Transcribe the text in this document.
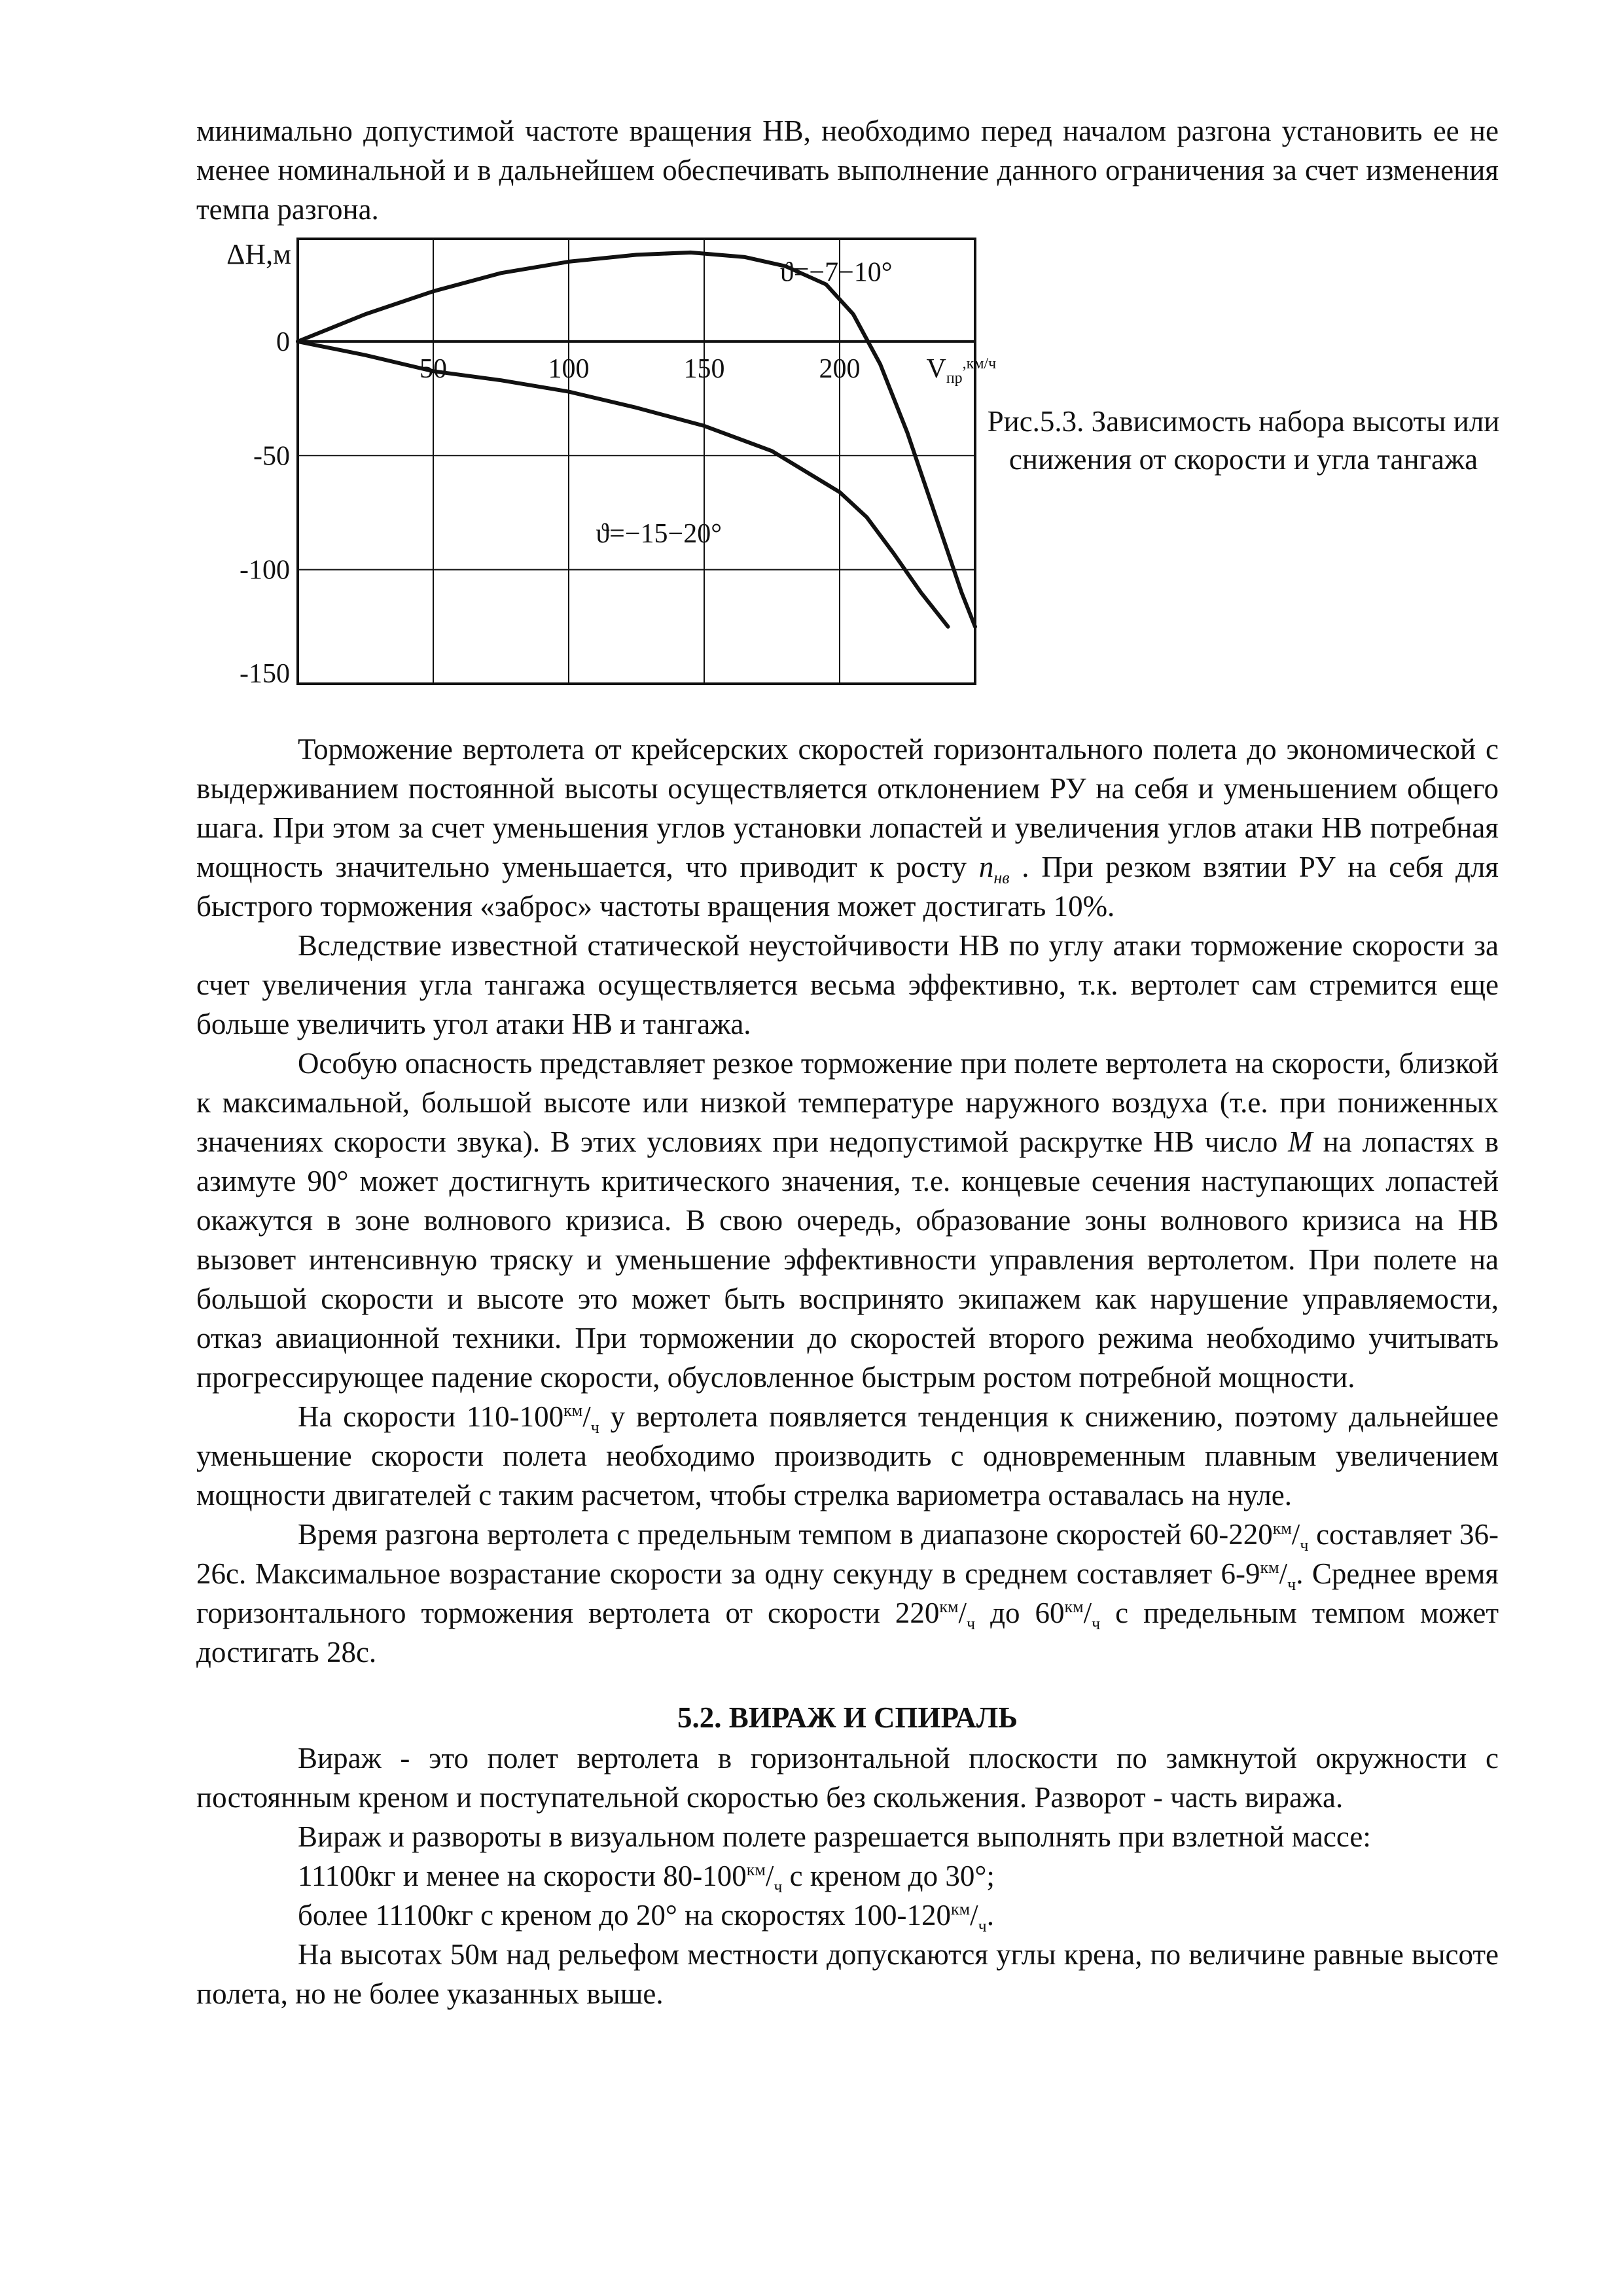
минимально допустимой частоте вращения НВ, необходимо перед началом разгона установить ее не менее номинальной и в дальнейшем обеспечивать выполнение данного ограничения за счет изменения темпа разгона.

50	100	150	200
0
-50
-100
-150
ΔН,м
Vпр$^{,км/ч}$
ϑ=−7−10°
ϑ=−15−20°
Рис.5.3. Зависимость набора высоты или снижения от скорости и угла тангажа

Торможение вертолета от крейсерских скоростей горизонтального полета до экономической с выдерживанием постоянной высоты осуществляется отклонением РУ на себя и уменьшением общего шага. При этом за счет уменьшения углов установки лопастей и увеличения углов атаки НВ потребная мощность значительно уменьшается, что приводит к росту $n_{нв}$ . При резком взятии РУ на себя для быстрого торможения «заброс» частоты вращения может достигать 10%.

Вследствие известной статической неустойчивости НВ по углу атаки торможение скорости за счет увеличения угла тангажа осуществляется весьма эффективно, т.к. вертолет сам стремится еще больше увеличить угол атаки НВ и тангажа.

Особую опасность представляет резкое торможение при полете вертолета на скорости, близкой к максимальной, большой высоте или низкой температуре наружного воздуха (т.е. при пониженных значениях скорости звука). В этих условиях при недопустимой раскрутке НВ число M на лопастях в азимуте 90° может достигнуть критического значения, т.е. концевые сечения наступающих лопастей окажутся в зоне волнового кризиса. В свою очередь, образование зоны волнового кризиса на НВ вызовет интенсивную тряску и уменьшение эффективности управления вертолетом. При полете на большой скорости и высоте это может быть воспринято экипажем как нарушение управляемости, отказ авиационной техники. При торможении до скоростей второго режима необходимо учитывать прогрессирующее падение скорости, обусловленное быстрым ростом потребной мощности.

На скорости $110-100^{км}/_ч$ у вертолета появляется тенденция к снижению, поэтому дальнейшее уменьшение скорости полета необходимо производить с одновременным плавным увеличением мощности двигателей с таким расчетом, чтобы стрелка вариометра оставалась на нуле.

Время разгона вертолета с предельным темпом в диапазоне скоростей $60-220^{км}/_ч$ составляет 36-26с. Максимальное возрастание скорости за одну секунду в среднем составляет $6-9^{км}/_ч$. Среднее время горизонтального торможения вертолета от скорости $220^{км}/_ч$ до $60^{км}/_ч$ с предельным темпом может достигать 28с.

5.2. ВИРАЖ И СПИРАЛЬ

Вираж - это полет вертолета в горизонтальной плоскости по замкнутой окружности с постоянным креном и поступательной скоростью без скольжения. Разворот - часть виража.

Вираж и развороты в визуальном полете разрешается выполнять при взлетной массе:

11100кг и менее на скорости $80-100^{км}/_ч$ с креном до 30°;

более 11100кг с креном до 20° на скоростях $100-120^{км}/_ч$.

На высотах 50м над рельефом местности допускаются углы крена, по величине равные высоте полета, но не более указанных выше.
